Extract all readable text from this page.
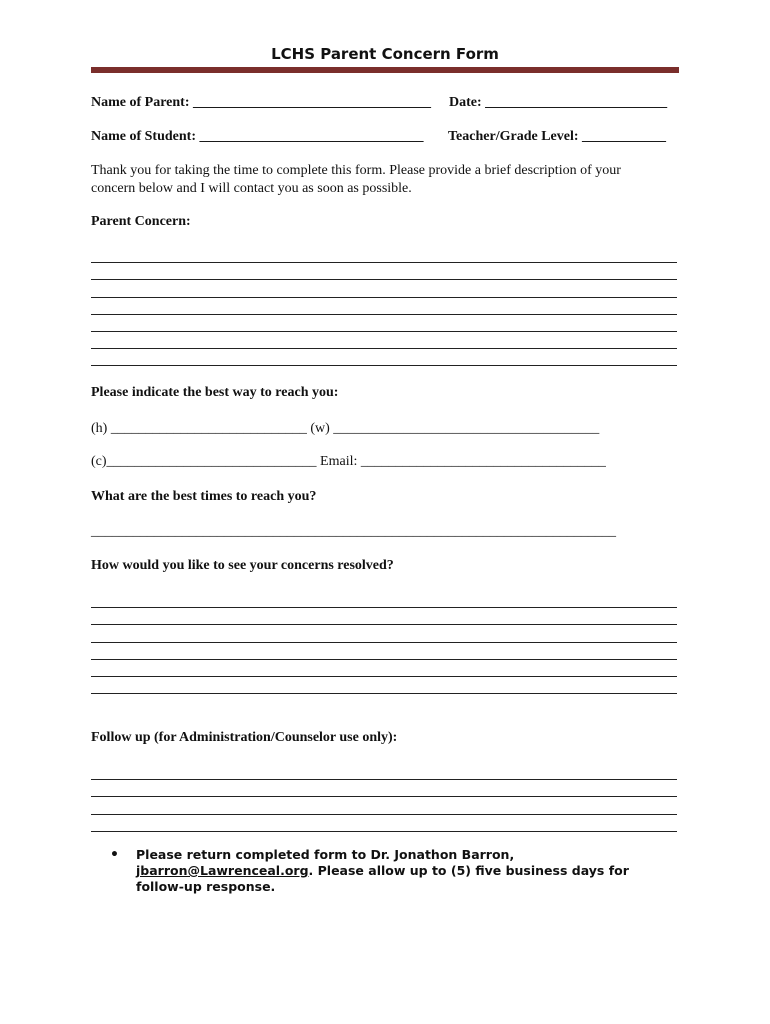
LCHS Parent Concern Form
Name of Parent: __________________________________ Date: __________________________
Name of Student: ________________________________ Teacher/Grade Level: ____________
Thank you for taking the time to complete this form. Please provide a brief description of your
concern below and I will contact you as soon as possible.
Parent Concern:
Please indicate the best way to reach you:
(h) ____________________________ (w) ______________________________________
(c)______________________________ Email: ___________________________________
What are the best times to reach you?
___________________________________________________________________________
How would you like to see your concerns resolved?
Follow up (for Administration/Counselor use only):
• Please return completed form to Dr. Jonathon Barron, jbarron@Lawrenceal.org. Please allow up to (5) five business days for follow-up response.
